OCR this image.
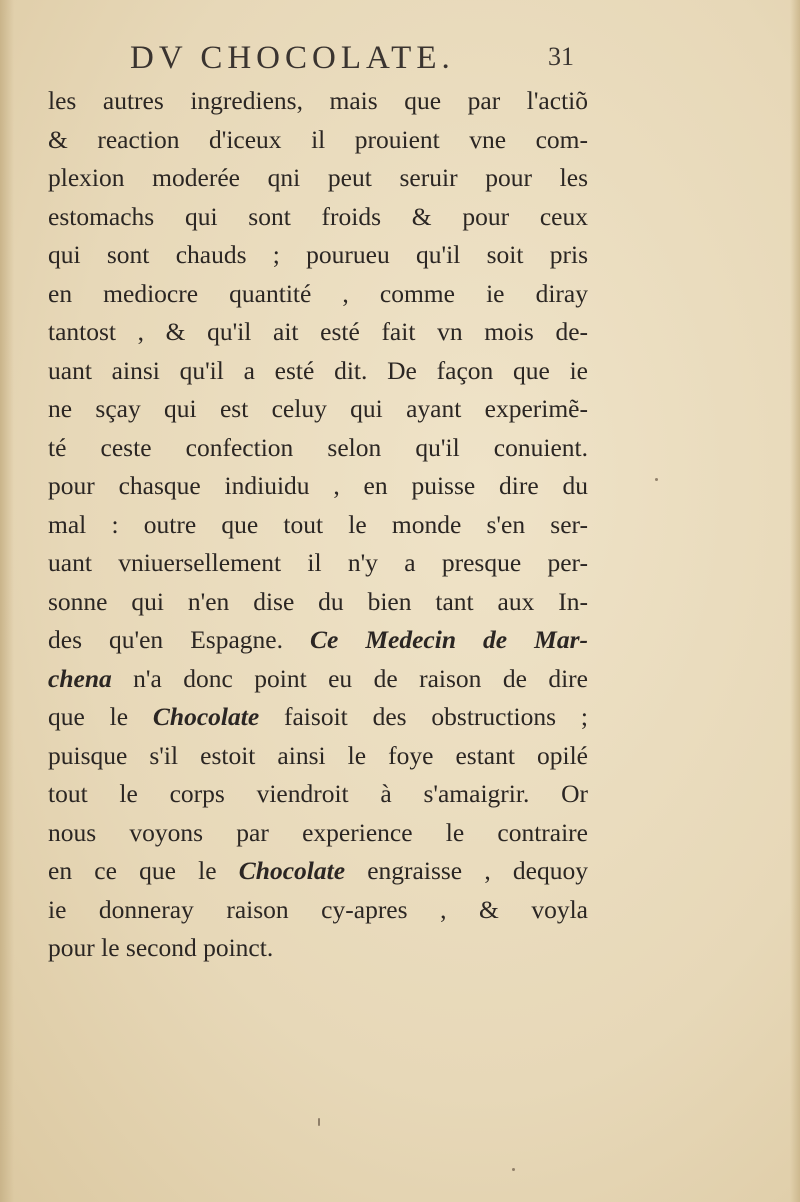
DV CHOCOLATE.	31
les autres ingrediens, mais que par l'actiõ
& reaction d'iceux il prouient vne com-
plexion moderée qni peut seruir pour les
estomachs qui sont froids & pour ceux
qui sont chauds ; pourueu qu'il soit pris
en mediocre quantité , comme ie diray
tantost , & qu'il ait esté fait vn mois de-
uant ainsi qu'il a esté dit. De façon que ie
ne sçay qui est celuy qui ayant experimẽ-
té ceste confection selon qu'il conuient.
pour chasque indiuidu , en puisse dire du
mal : outre que tout le monde s'en ser-
uant vniuersellement il n'y a presque per-
sonne qui n'en dise du bien tant aux In-
des qu'en Espagne. Ce Medecin de Mar-
chena n'a donc point eu de raison de dire
que le Chocolate faisoit des obstructions ;
puisque s'il estoit ainsi le foye estant opilé
tout le corps viendroit à s'amaigrir. Or
nous voyons par experience le contraire
en ce que le Chocolate engraisse , dequoy
ie donneray raison cy-apres , & voyla
pour le second poinct.
